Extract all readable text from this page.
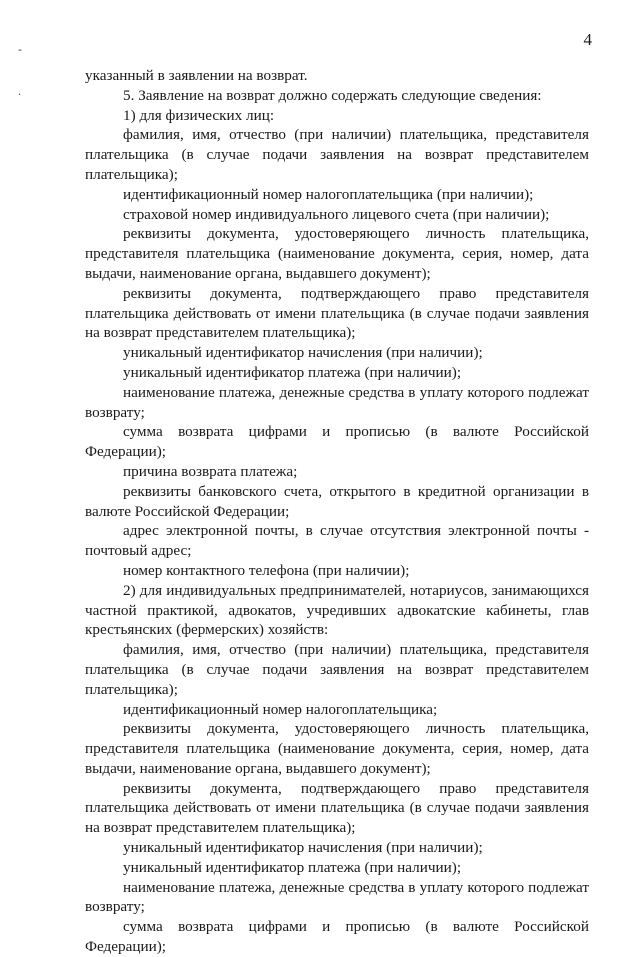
4
-
.

указанный в заявлении на возврат.

5. Заявление на возврат должно содержать следующие сведения:

1) для физических лиц:

фамилия, имя, отчество (при наличии) плательщика, представителя плательщика (в случае подачи заявления на возврат представителем плательщика);

идентификационный номер налогоплательщика (при наличии);

страховой номер индивидуального лицевого счета (при наличии);

реквизиты документа, удостоверяющего личность плательщика, представителя плательщика (наименование документа, серия, номер, дата выдачи, наименование органа, выдавшего документ);

реквизиты документа, подтверждающего право представителя плательщика действовать от имени плательщика (в случае подачи заявления на возврат представителем плательщика);

уникальный идентификатор начисления (при наличии);

уникальный идентификатор платежа (при наличии);

наименование платежа, денежные средства в уплату которого подлежат возврату;

сумма возврата цифрами и прописью (в валюте Российской Федерации);

причина возврата платежа;

реквизиты банковского счета, открытого в кредитной организации в валюте Российской Федерации;

адрес электронной почты, в случае отсутствия электронной почты - почтовый адрес;

номер контактного телефона (при наличии);

2) для индивидуальных предпринимателей, нотариусов, занимающихся частной практикой, адвокатов, учредивших адвокатские кабинеты, глав крестьянских (фермерских) хозяйств:

фамилия, имя, отчество (при наличии) плательщика, представителя плательщика (в случае подачи заявления на возврат представителем плательщика);

идентификационный номер налогоплательщика;

реквизиты документа, удостоверяющего личность плательщика, представителя плательщика (наименование документа, серия, номер, дата выдачи, наименование органа, выдавшего документ);

реквизиты документа, подтверждающего право представителя плательщика действовать от имени плательщика (в случае подачи заявления на возврат представителем плательщика);

уникальный идентификатор начисления (при наличии);

уникальный идентификатор платежа (при наличии);

наименование платежа, денежные средства в уплату которого подлежат возврату;

сумма возврата цифрами и прописью (в валюте Российской Федерации);
